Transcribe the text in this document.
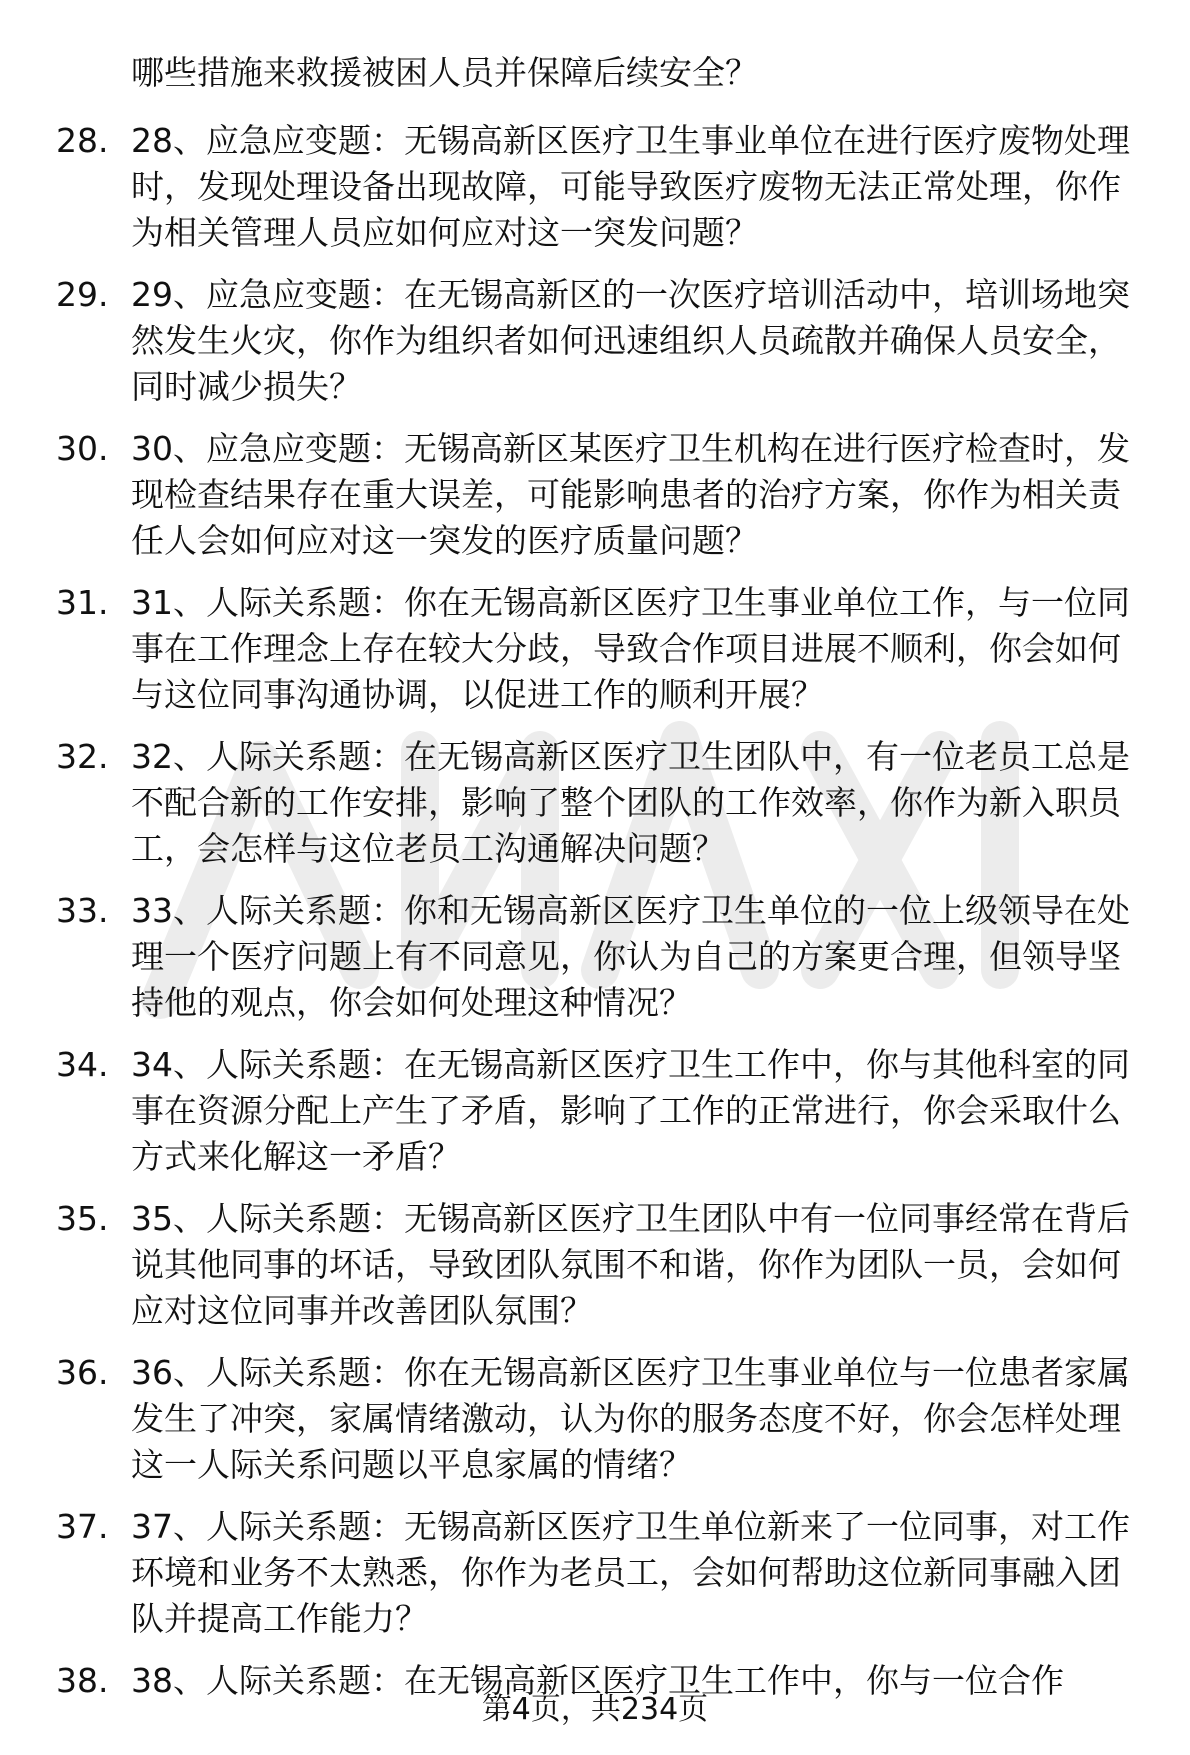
哪些措施来救援被困人员并保障后续安全？

28. 28、应急应变题：无锡高新区医疗卫生事业单位在进行医疗废物处理时，发现处理设备出现故障，可能导致医疗废物无法正常处理，你作为相关管理人员应如何应对这一突发问题？
29. 29、应急应变题：在无锡高新区的一次医疗培训活动中，培训场地突然发生火灾，你作为组织者如何迅速组织人员疏散并确保人员安全，同时减少损失？
30. 30、应急应变题：无锡高新区某医疗卫生机构在进行医疗检查时，发现检查结果存在重大误差，可能影响患者的治疗方案，你作为相关责任人会如何应对这一突发的医疗质量问题？
31. 31、人际关系题：你在无锡高新区医疗卫生事业单位工作，与一位同事在工作理念上存在较大分歧，导致合作项目进展不顺利，你会如何与这位同事沟通协调，以促进工作的顺利开展？
32. 32、人际关系题：在无锡高新区医疗卫生团队中，有一位老员工总是不配合新的工作安排，影响了整个团队的工作效率，你作为新入职员工，会怎样与这位老员工沟通解决问题？
33. 33、人际关系题：你和无锡高新区医疗卫生单位的一位上级领导在处理一个医疗问题上有不同意见，你认为自己的方案更合理，但领导坚持他的观点，你会如何处理这种情况？
34. 34、人际关系题：在无锡高新区医疗卫生工作中，你与其他科室的同事在资源分配上产生了矛盾，影响了工作的正常进行，你会采取什么方式来化解这一矛盾？
35. 35、人际关系题：无锡高新区医疗卫生团队中有一位同事经常在背后说其他同事的坏话，导致团队氛围不和谐，你作为团队一员，会如何应对这位同事并改善团队氛围？
36. 36、人际关系题：你在无锡高新区医疗卫生事业单位与一位患者家属发生了冲突，家属情绪激动，认为你的服务态度不好，你会怎样处理这一人际关系问题以平息家属的情绪？
37. 37、人际关系题：无锡高新区医疗卫生单位新来了一位同事，对工作环境和业务不太熟悉，你作为老员工，会如何帮助这位新同事融入团队并提高工作能力？
38. 38、人际关系题：在无锡高新区医疗卫生工作中，你与一位合作
第4页，共234页
